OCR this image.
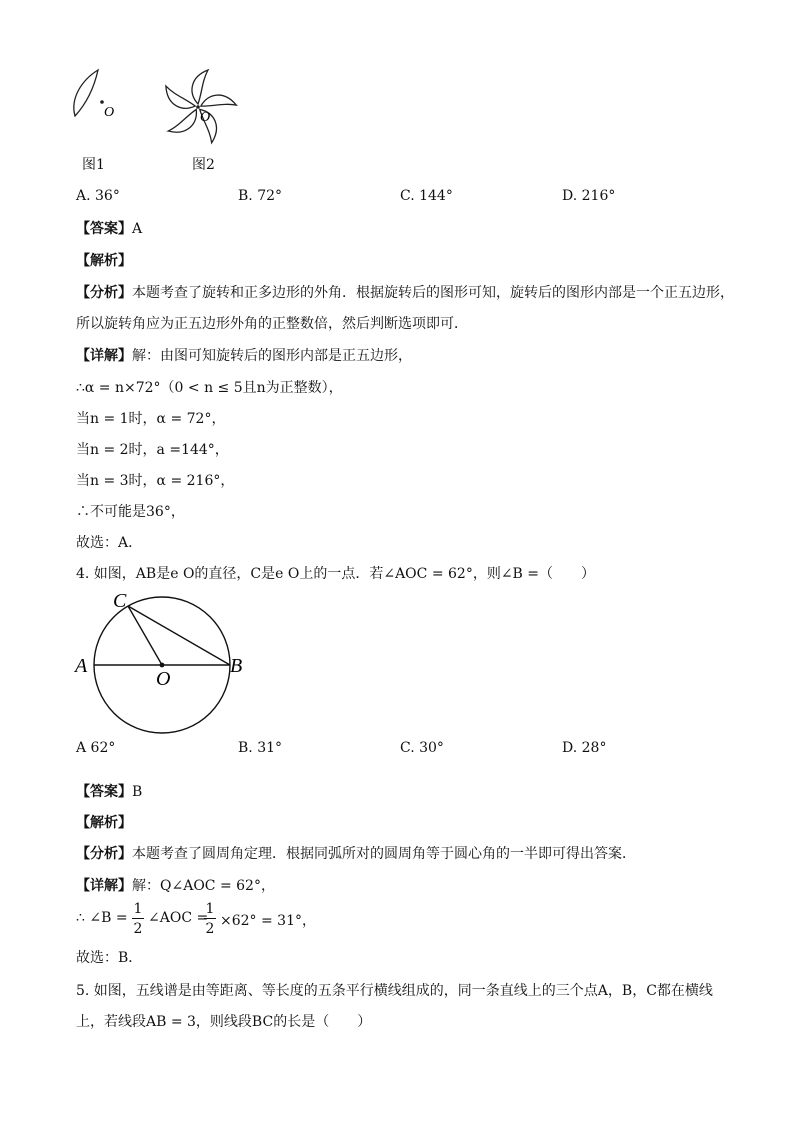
O	O
图1	图2
A. 36°	B. 72°	C. 144°	D. 216°
【答案】A
【解析】
【分析】本题考查了旋转和正多边形的外角．根据旋转后的图形可知，旋转后的图形内部是一个正五边形，
所以旋转角应为正五边形外角的正整数倍，然后判断选项即可．
【详解】解：由图可知旋转后的图形内部是正五边形，
∴α = n×72°（0 < n ≤ 5且n为正整数），
当n = 1时，α = 72°，
当n = 2时，a =144°，
当n = 3时，α = 216°，
∴不可能是36°，
故选：A．
4. 如图，AB是e O的直径，C是e O上的一点．若∠AOC = 62°，则∠B =（　　）
C
A	B
O
A 62°	B. 31°	C. 30°	D. 28°
【答案】B
【解析】
【分析】本题考查了圆周角定理．根据同弧所对的圆周角等于圆心角的一半即可得出答案．
【详解】解：Q∠AOC = 62°，
∴ ∠B =
1
2
∠AOC =
1
2 ×62° = 31°，
故选：B．
5. 如图，五线谱是由等距离、等长度的五条平行横线组成的，同一条直线上的三个点A，B，C都在横线
上，若线段AB = 3，则线段BC的长是（　　）
